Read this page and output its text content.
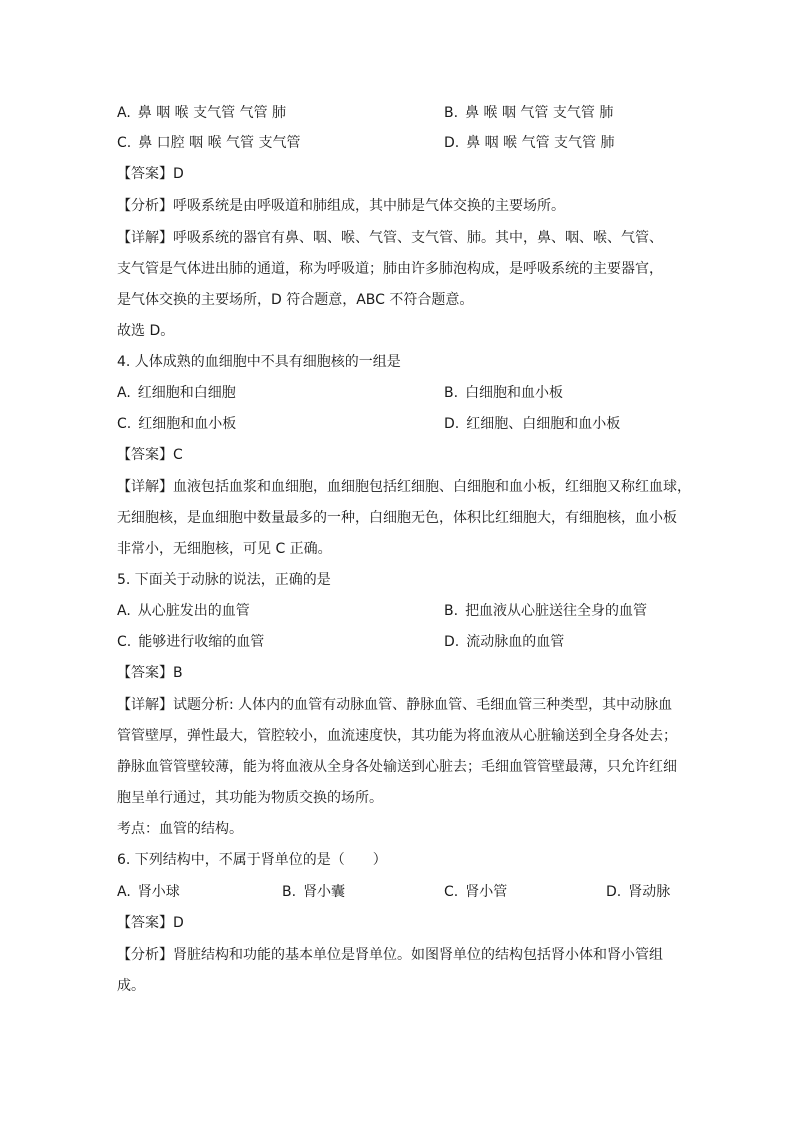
A. 鼻 咽 喉 支气管 气管 肺	B. 鼻 喉 咽 气管 支气管 肺
C. 鼻 口腔 咽 喉 气管 支气管	D. 鼻 咽 喉 气管 支气管 肺
【答案】D
【分析】呼吸系统是由呼吸道和肺组成，其中肺是气体交换的主要场所。
【详解】呼吸系统的器官有鼻、咽、喉、气管、支气管、肺。其中，鼻、咽、喉、气管、
支气管是气体进出肺的通道，称为呼吸道；肺由许多肺泡构成，是呼吸系统的主要器官，
是气体交换的主要场所，D 符合题意，ABC 不符合题意。
故选 D。
4. 人体成熟的血细胞中不具有细胞核的一组是
A. 红细胞和白细胞	B. 白细胞和血小板
C. 红细胞和血小板	D. 红细胞、白细胞和血小板
【答案】C
【详解】血液包括血浆和血细胞，血细胞包括红细胞、白细胞和血小板，红细胞又称红血球，
无细胞核，是血细胞中数量最多的一种，白细胞无色，体积比红细胞大，有细胞核，血小板
非常小，无细胞核，可见 C 正确。
5. 下面关于动脉的说法，正确的是
A. 从心脏发出的血管	B. 把血液从心脏送往全身的血管
C. 能够进行收缩的血管	D. 流动脉血的血管
【答案】B
【详解】试题分析: 人体内的血管有动脉血管、静脉血管、毛细血管三种类型，其中动脉血
管管壁厚，弹性最大，管腔较小，血流速度快，其功能为将血液从心脏输送到全身各处去；
静脉血管管壁较薄，能为将血液从全身各处输送到心脏去；毛细血管管壁最薄，只允许红细
胞呈单行通过，其功能为物质交换的场所。
考点：血管的结构。
6. 下列结构中，不属于肾单位的是（　　）
A. 肾小球	B. 肾小囊	C. 肾小管	D. 肾动脉
【答案】D
【分析】肾脏结构和功能的基本单位是肾单位。如图肾单位的结构包括肾小体和肾小管组
成。
